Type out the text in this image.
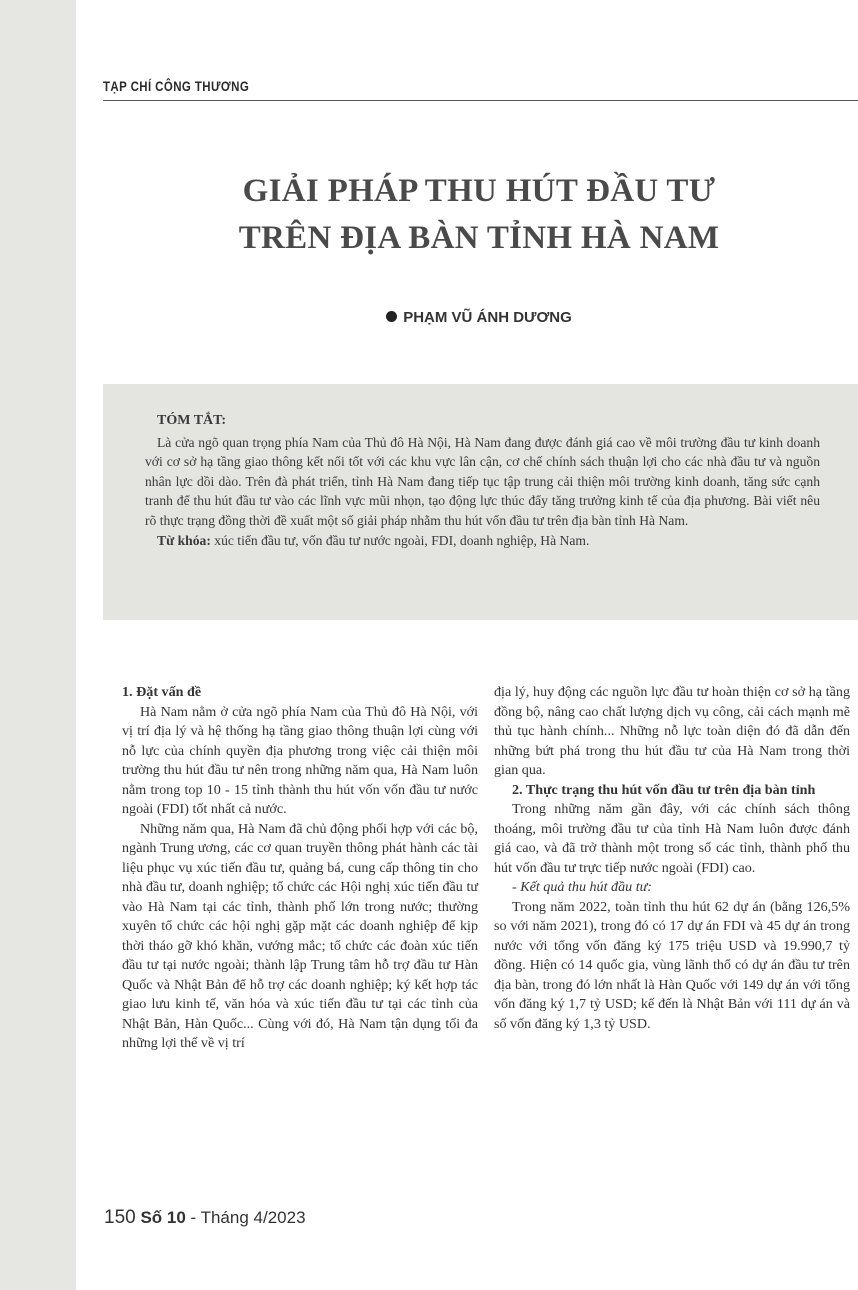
TẠP CHÍ CÔNG THƯƠNG
GIẢI PHÁP THU HÚT ĐẦU TƯ
TRÊN ĐỊA BÀN TỈNH HÀ NAM
PHẠM VŨ ÁNH DƯƠNG
TÓM TẮT:

Là cửa ngõ quan trọng phía Nam của Thủ đô Hà Nội, Hà Nam đang được đánh giá cao về môi trường đầu tư kinh doanh với cơ sở hạ tầng giao thông kết nối tốt với các khu vực lân cận, cơ chế chính sách thuận lợi cho các nhà đầu tư và nguồn nhân lực dồi dào. Trên đà phát triển, tỉnh Hà Nam đang tiếp tục tập trung cải thiện môi trường kinh doanh, tăng sức cạnh tranh để thu hút đầu tư vào các lĩnh vực mũi nhọn, tạo động lực thúc đẩy tăng trưởng kinh tế của địa phương. Bài viết nêu rõ thực trạng đồng thời đề xuất một số giải pháp nhằm thu hút vốn đầu tư trên địa bàn tỉnh Hà Nam.

Từ khóa: xúc tiến đầu tư, vốn đầu tư nước ngoài, FDI, doanh nghiệp, Hà Nam.

1. Đặt vấn đề

Hà Nam nằm ở cửa ngõ phía Nam của Thủ đô Hà Nội, với vị trí địa lý và hệ thống hạ tầng giao thông thuận lợi cùng với nỗ lực của chính quyền địa phương trong việc cải thiện môi trường thu hút đầu tư nên trong những năm qua, Hà Nam luôn nằm trong top 10 - 15 tỉnh thành thu hút vốn vốn đầu tư nước ngoài (FDI) tốt nhất cả nước.

Những năm qua, Hà Nam đã chủ động phối hợp với các bộ, ngành Trung ương, các cơ quan truyền thông phát hành các tài liệu phục vụ xúc tiến đầu tư, quảng bá, cung cấp thông tin cho nhà đầu tư, doanh nghiệp; tổ chức các Hội nghị xúc tiến đầu tư vào Hà Nam tại các tỉnh, thành phố lớn trong nước; thường xuyên tổ chức các hội nghị gặp mặt các doanh nghiệp để kịp thời tháo gỡ khó khăn, vướng mắc; tổ chức các đoàn xúc tiến đầu tư tại nước ngoài; thành lập Trung tâm hỗ trợ đầu tư Hàn Quốc và Nhật Bản để hỗ trợ các doanh nghiệp; ký kết hợp tác giao lưu kinh tế, văn hóa và xúc tiến đầu tư tại các tỉnh của Nhật Bản, Hàn Quốc... Cùng với đó, Hà Nam tận dụng tối đa những lợi thế về vị trí

địa lý, huy động các nguồn lực đầu tư hoàn thiện cơ sở hạ tầng đồng bộ, nâng cao chất lượng dịch vụ công, cải cách mạnh mẽ thủ tục hành chính... Những nỗ lực toàn diện đó đã dẫn đến những bứt phá trong thu hút đầu tư của Hà Nam trong thời gian qua.

2. Thực trạng thu hút vốn đầu tư trên địa bàn tỉnh

Trong những năm gần đây, với các chính sách thông thoáng, môi trường đầu tư của tỉnh Hà Nam luôn được đánh giá cao, và đã trở thành một trong số các tỉnh, thành phố thu hút vốn đầu tư trực tiếp nước ngoài (FDI) cao.

- Kết quả thu hút đầu tư:

Trong năm 2022, toàn tỉnh thu hút 62 dự án (bằng 126,5% so với năm 2021), trong đó có 17 dự án FDI và 45 dự án trong nước với tổng vốn đăng ký 175 triệu USD và 19.990,7 tỷ đồng. Hiện có 14 quốc gia, vùng lãnh thổ có dự án đầu tư trên địa bàn, trong đó lớn nhất là Hàn Quốc với 149 dự án với tổng vốn đăng ký 1,7 tỷ USD; kế đến là Nhật Bản với 111 dự án và số vốn đăng ký 1,3 tỷ USD.

150 Số 10 - Tháng 4/2023
